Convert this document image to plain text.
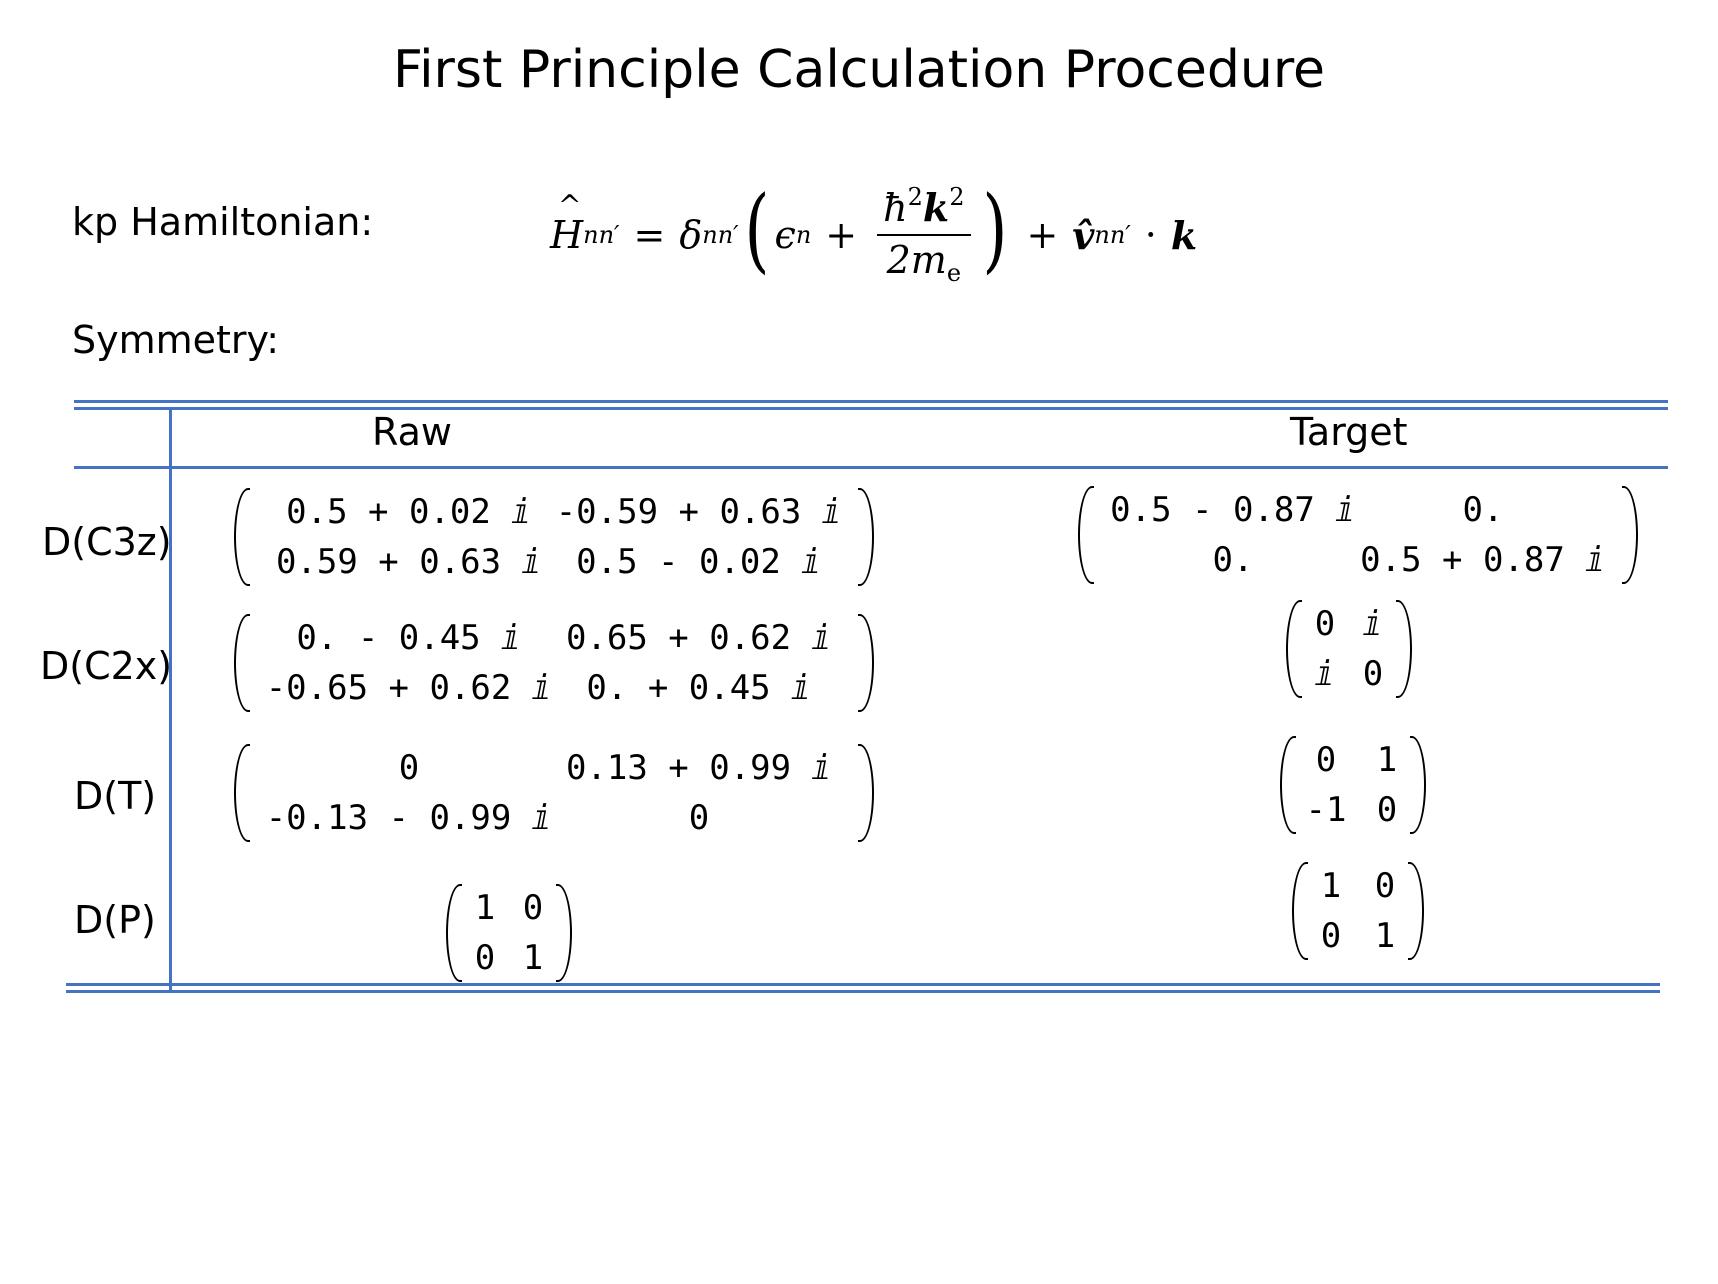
First Principle Calculation Procedure
kp Hamiltonian:
^	H nn′ = δ nn′ ( ϵ $n + \frac{ħ^2k^2}{2m_e}$ ) + v̂ nn′ · k
Symmetry:
Raw	Target
D(C3z)
D(C2x)
D(T)
D(P)
0.5 + 0.02 ⅈ -0.59 + 0.63 ⅈ
0.59 + 0.63 ⅈ	0.5 - 0.02 ⅈ
0. - 0.45 ⅈ	0.65 + 0.62 ⅈ
-0.65 + 0.62 ⅈ	0. + 0.45 ⅈ
0	0.13 + 0.99 ⅈ
-0.13 - 0.99 ⅈ	0
1 0
0 1
0.5 - 0.87 ⅈ	0.
0.	0.5 + 0.87 ⅈ
0 ⅈ
ⅈ 0
0	1
-1 0
1 0
0 1
